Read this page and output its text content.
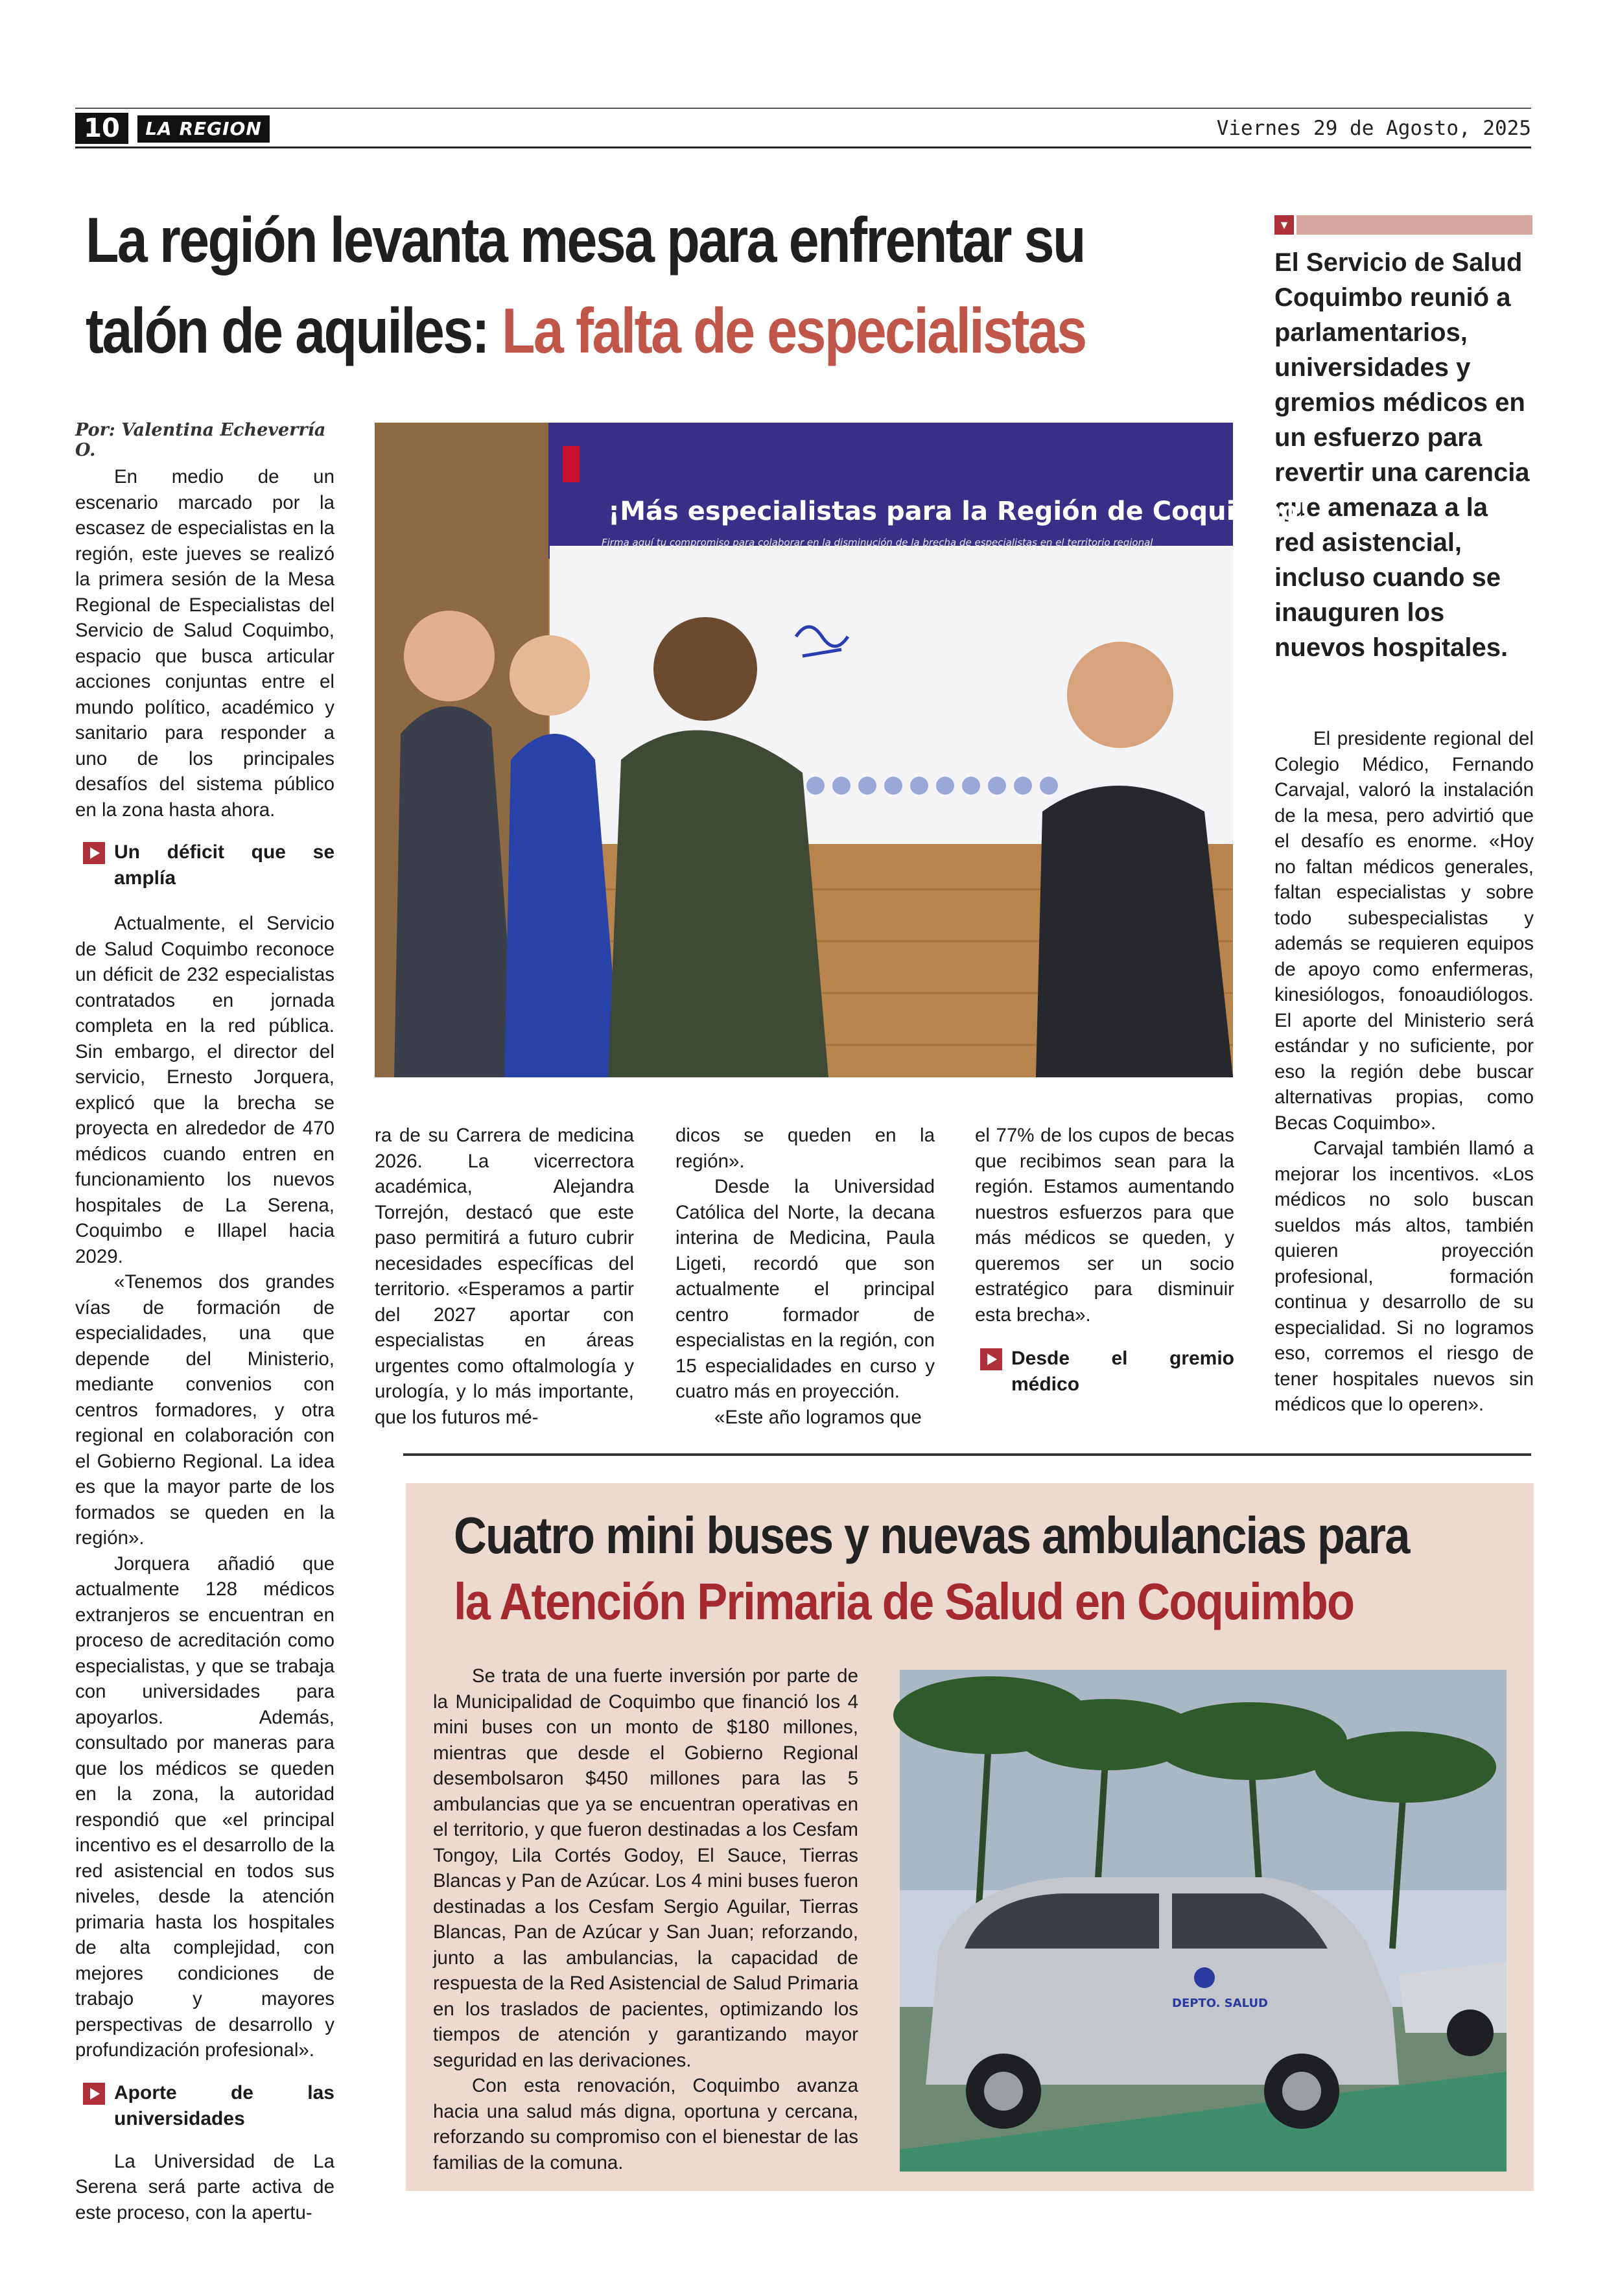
10	LA REGION	Viernes 29 de Agosto, 2025
La región levanta mesa para enfrentar su
talón de aquiles: La falta de especialistas
▼
El Servicio de Salud Coquimbo reunió a parlamentarios, universidades y gremios médicos en un esfuerzo para revertir una carencia que amenaza a la red asistencial, incluso cuando se inauguren los nuevos hospitales.
Por: Valentina Echeverría O.

En medio de un escenario marcado por la escasez de especialistas en la región, este jueves se realizó la primera sesión de la Mesa Regional de Especialistas del Servicio de Salud Coquimbo, espacio que busca articular acciones conjuntas entre el mundo político, académico y sanitario para responder a uno de los principales desafíos del sistema público en la zona hasta ahora.

Un déficit que se amplía

Actualmente, el Servicio de Salud Coquimbo reconoce un déficit de 232 especialistas contratados en jornada completa en la red pública. Sin embargo, el director del servicio, Ernesto Jorquera, explicó que la brecha se proyecta en alrededor de 470 médicos cuando entren en funcionamiento los nuevos hospitales de La Serena, Coquimbo e Illapel hacia 2029.

«Tenemos dos grandes vías de formación de especialidades, una que depende del Ministerio, mediante convenios con centros formadores, y otra regional en colaboración con el Gobierno Regional. La idea es que la mayor parte de los formados se queden en la región».

Jorquera añadió que actualmente 128 médicos extranjeros se encuentran en proceso de acreditación como especialistas, y que se trabaja con universidades para apoyarlos. Además, consultado por maneras para que los médicos se queden en la zona, la autoridad respondió que «el principal incentivo es el desarrollo de la red asistencial en todos sus niveles, desde la atención primaria hasta los hospitales de alta complejidad, con mejores condiciones de trabajo y mayores perspectivas de desarrollo y profundización profesional».

Aporte de las universidades

La Universidad de La Serena será parte activa de este proceso, con la apertu-

¡Más especialistas para la Región de Coquimbo!
Firma aquí tu compromiso para colaborar en la disminución de la brecha de especialistas en el territorio regional

ra de su Carrera de medicina 2026. La vicerrectora académica, Alejandra Torrejón, destacó que este paso permitirá a futuro cubrir necesidades específicas del territorio. «Esperamos a partir del 2027 aportar con especialistas en áreas urgentes como oftalmología y urología, y lo más importante, que los futuros mé-

dicos se queden en la región».

Desde la Universidad Católica del Norte, la decana interina de Medicina, Paula Ligeti, recordó que son actualmente el principal centro formador de especialistas en la región, con 15 especialidades en curso y cuatro más en proyección.

«Este año logramos que

el 77% de los cupos de becas que recibimos sean para la región. Estamos aumentando nuestros esfuerzos para que más médicos se queden, y queremos ser un socio estratégico para disminuir esta brecha».

Desde el gremio médico

El presidente regional del Colegio Médico, Fernando Carvajal, valoró la instalación de la mesa, pero advirtió que el desafío es enorme. «Hoy no faltan médicos generales, faltan especialistas y sobre todo subespecialistas y además se requieren equipos de apoyo como enfermeras, kinesiólogos, fonoaudiólogos. El aporte del Ministerio será estándar y no suficiente, por eso la región debe buscar alternativas propias, como Becas Coquimbo».

Carvajal también llamó a mejorar los incentivos. «Los médicos no solo buscan sueldos más altos, también quieren proyección profesional, formación continua y desarrollo de su especialidad. Si no logramos eso, corremos el riesgo de tener hospitales nuevos sin médicos que lo operen».

Cuatro mini buses y nuevas ambulancias para
la Atención Primaria de Salud en Coquimbo

Se trata de una fuerte inversión por parte de la Municipalidad de Coquimbo que financió los 4 mini buses con un monto de $180 millones, mientras que desde el Gobierno Regional desembolsaron $450 millones para las 5 ambulancias que ya se encuentran operativas en el territorio, y que fueron destinadas a los Cesfam Tongoy, Lila Cortés Godoy, El Sauce, Tierras Blancas y Pan de Azúcar. Los 4 mini buses fueron destinadas a los Cesfam Sergio Aguilar, Tierras Blancas, Pan de Azúcar y San Juan; reforzando, junto a las ambulancias, la capacidad de respuesta de la Red Asistencial de Salud Primaria en los traslados de pacientes, optimizando los tiempos de atención y garantizando mayor seguridad en las derivaciones.

Con esta renovación, Coquimbo avanza hacia una salud más digna, oportuna y cercana, reforzando su compromiso con el bienestar de las familias de la comuna.

DEPTO. SALUD
